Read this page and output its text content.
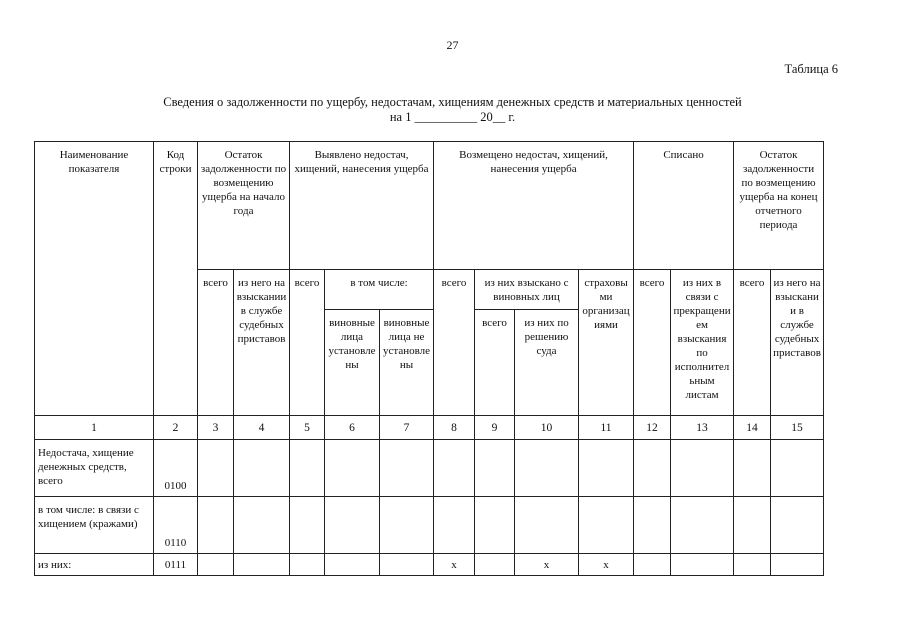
27
Таблица 6
Сведения о задолженности по ущербу, недостачам, хищениям денежных средств и материальных ценностей
на 1 __________ 20__ г.
Наименование показателя	Код строки	Остаток задолженности по возмещению ущерба на начало года		Выявлено недостач, хищений, нанесения ущерба			Возмещено недостач, хищений, нанесения ущерба				Списано		Остаток задолженности по возмещению ущерба на конец отчетного периода	
		всего	из него на взыскании в службе судебных приставов	всего	в том числе:		всего	из них взыскано с виновных лиц		страховыми организациями	всего	из них в связи с прекращением взыскания по исполнительным листам	всего	из него на взыскании в службе судебных приставов
					виновные лица установлены	виновные лица не установлены		всего	из них по решению суда					
1	2	3	4	5	6	7	8	9	10	11	12	13	14	15
Недостача, хищение денежных средств, всего	0100													
в том числе: в связи с хищением (кражами)	0110													
из них:	0111						x		x	x				
